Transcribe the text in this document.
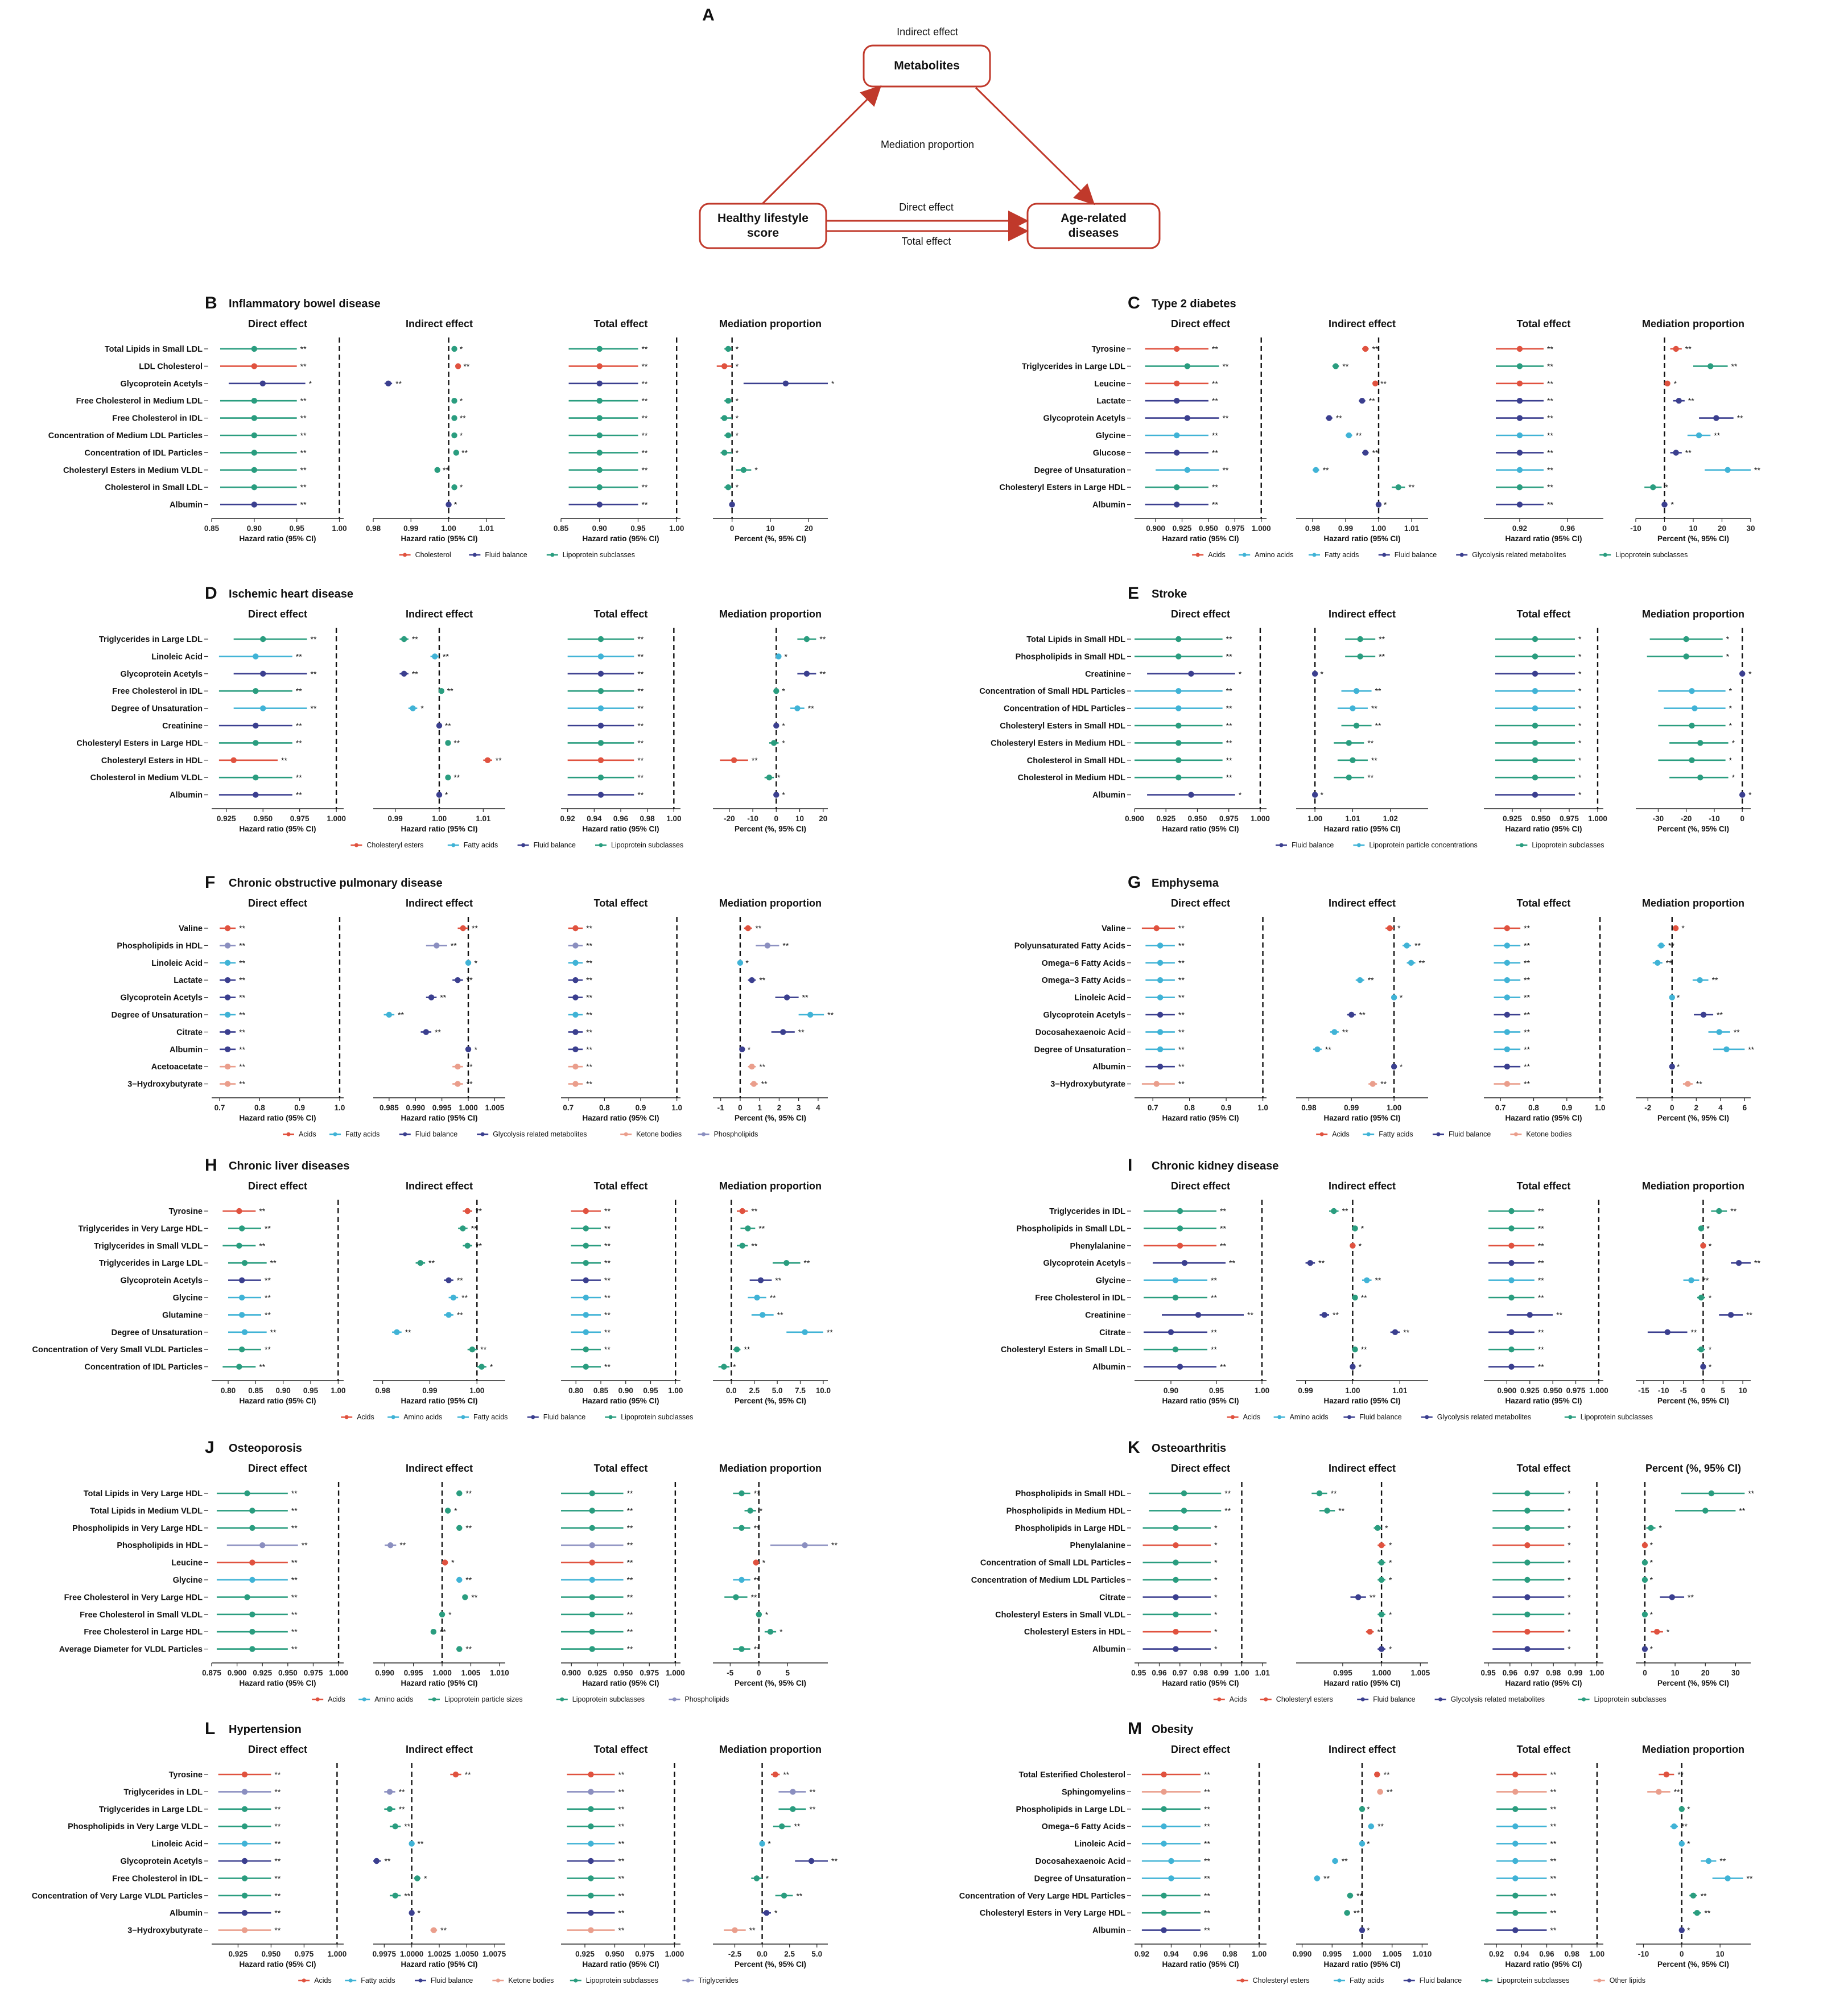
A
Indirect effect
Metabolites
Mediation proportion
Healthy lifestyle
score
Age-related
diseases
Direct effect
Total effect
B Inflammatory bowel disease
Total Lipids in Small LDL
LDL Cholesterol
Glycoprotein Acetyls
Free Cholesterol in Medium LDL
Free Cholesterol in IDL
Concentration of Medium LDL Particles
Concentration of IDL Particles
Cholesteryl Esters in Medium VLDL
Cholesterol in Small LDL
Albumin
Direct effect
0.85	0.90	0.95	1.00
Hazard ratio (95% CI)
**
**
*
**
**
**
**
**
**
**
Indirect effect
0.98	0.99	1.00	1.01
Hazard ratio (95% CI)
*
**
**
*
**
*
**
**
*
*
Total effect
0.85	0.90	0.95	1.00
Hazard ratio (95% CI)
**
**
**
**
**
**
**
**
**
**
Mediation proportion
0	10	20
Percent (%, 95% CI)
*
*
*
*
*
*
*
*
*
Cholesterol	Fluid balance	Lipoprotein subclasses
C Type 2 diabetes
Tyrosine
Triglycerides in Large LDL
Leucine
Lactate
Glycoprotein Acetyls
Glycine
Glucose
Degree of Unsaturation
Cholesteryl Esters in Large HDL
Albumin
Direct effect
0.900 0.925 0.950 0.975 1.000
Hazard ratio (95% CI)
**
**
**
**
**
**
**
**
**
**
Indirect effect
0.98 0.99 1.00 1.01
Hazard ratio (95% CI)
**
**
**
**
**
**
**
**
**
*
Total effect
0.92	0.96
Hazard ratio (95% CI)
**
**
**
**
**
**
**
**
**
**
Mediation proportion
-10	0	10	20	30
Percent (%, 95% CI)
**
**
*
**
**
**
**
**
*
*
Acids	Amino acids	Fatty acids	Fluid balance	Glycolysis related metabolites	Lipoprotein subclasses
D Ischemic heart disease
Triglycerides in Large LDL
Linoleic Acid
Glycoprotein Acetyls
Free Cholesterol in IDL
Degree of Unsaturation
Creatinine
Cholesteryl Esters in Large HDL
Cholesteryl Esters in HDL
Cholesterol in Medium VLDL
Albumin
Direct effect
0.925 0.950 0.975 1.000
Hazard ratio (95% CI)
**
**
**
**
**
**
**
**
**
**
Indirect effect
0.99	1.00	1.01
Hazard ratio (95% CI)
**
**
**
**
*
**
**
**
**
*
Total effect
0.92 0.94 0.96 0.98 1.00
Hazard ratio (95% CI)
**
**
**
**
**
**
**
**
**
**
Mediation proportion
-20 -10 0 10 20
Percent (%, 95% CI)
**
*
**
*
**
*
*
**
*
*
Cholesteryl esters	Fatty acids	Fluid balance	Lipoprotein subclasses
E Stroke
Total Lipids in Small HDL
Phospholipids in Small HDL
Creatinine
Concentration of Small HDL Particles
Concentration of HDL Particles
Cholesteryl Esters in Small HDL
Cholesteryl Esters in Medium HDL
Cholesterol in Small HDL
Cholesterol in Medium HDL
Albumin
Direct effect
0.900 0.925 0.950 0.975 1.000
Hazard ratio (95% CI)
**
**
*
**
**
**
**
**
**
*
Indirect effect
1.00	1.01	1.02
Hazard ratio (95% CI)
**
**
*
**
**
**
**
**
**
*
Total effect
0.925 0.950 0.975 1.000
Hazard ratio (95% CI)
*
*
*
*
*
*
*
*
*
*
Mediation proportion
-30 -20 -10	0
Percent (%, 95% CI)
*
*
*
*
*
*
*
*
*
*
Fluid balance	Lipoprotein particle concentrations	Lipoprotein subclasses
F Chronic obstructive pulmonary disease
Valine
Phospholipids in HDL
Linoleic Acid
Lactate
Glycoprotein Acetyls
Degree of Unsaturation
Citrate
Albumin
Acetoacetate
3−Hydroxybutyrate
Direct effect
0.7	0.8	0.9	1.0
Hazard ratio (95% CI)
**
**
**
**
**
**
**
**
**
**
Indirect effect
0.985 0.990 0.995 1.000 1.005
Hazard ratio (95% CI)
**
**
*
**
**
**
**
*
**
**
Total effect
0.7	0.8	0.9	1.0
Hazard ratio (95% CI)
**
**
**
**
**
**
**
**
**
**
Mediation proportion
-1 0 1 2 3 4
Percent (%, 95% CI)
**
**
*
**
**
**
**
*
**
**
Acids	Fatty acids	Fluid balance	Glycolysis related metabolites	Ketone bodies	Phospholipids
G Emphysema
Valine
Polyunsaturated Fatty Acids
Omega−6 Fatty Acids
Omega−3 Fatty Acids
Linoleic Acid
Glycoprotein Acetyls
Docosahexaenoic Acid
Degree of Unsaturation
Albumin
3−Hydroxybutyrate
Direct effect
0.7	0.8	0.9	1.0
Hazard ratio (95% CI)
**
**
**
**
**
**
**
**
**
**
Indirect effect
0.98	0.99	1.00
Hazard ratio (95% CI)
*
**
**
**
*
**
**
**
*
**
Total effect
0.7	0.8	0.9	1.0
Hazard ratio (95% CI)
**
**
**
**
**
**
**
**
**
**
Mediation proportion
-2 0	2	4	6
Percent (%, 95% CI)
*
**
**
**
*
**
**
**
*
**
Acids	Fatty acids	Fluid balance	Ketone bodies
H Chronic liver diseases
Tyrosine
Triglycerides in Very Large HDL
Triglycerides in Small VLDL
Triglycerides in Large LDL
Glycoprotein Acetyls
Glycine
Glutamine
Degree of Unsaturation
Concentration of Very Small VLDL Particles
Concentration of IDL Particles
Direct effect
0.80 0.85 0.90 0.95 1.00
Hazard ratio (95% CI)
**
**
**
**
**
**
**
**
**
**
Indirect effect
0.98	0.99	1.00
Hazard ratio (95% CI)
**
**
**
**
**
**
**
**
**
*
Total effect
0.80 0.85 0.90 0.95 1.00
Hazard ratio (95% CI)
**
**
**
**
**
**
**
**
**
**
Mediation proportion
0.0 2.5 5.0 7.5 10.0
Percent (%, 95% CI)
**
**
**
**
**
**
**
**
**
*
Acids	Amino acids	Fatty acids	Fluid balance	Lipoprotein subclasses
I Chronic kidney disease
Triglycerides in IDL
Phospholipids in Small LDL
Phenylalanine
Glycoprotein Acetyls
Glycine
Free Cholesterol in IDL
Creatinine
Citrate
Cholesteryl Esters in Small LDL
Albumin
Direct effect
0.90	0.95	1.00
Hazard ratio (95% CI)
**
**
**
**
**
**
**
**
**
**
Indirect effect
0.99	1.00	1.01
Hazard ratio (95% CI)
**
*
*
**
**
**
**
**
**
*
Total effect
0.900 0.925 0.950 0.975 1.000
Hazard ratio (95% CI)
**
**
**
**
**
**
**
**
**
**
Mediation proportion
-15 -10 -5 0 5 10
Percent (%, 95% CI)
**
*
*
**
**
*
**
**
*
*
Acids	Amino acids	Fluid balance	Glycolysis related metabolites	Lipoprotein subclasses
J Osteoporosis
Total Lipids in Very Large HDL
Total Lipids in Medium VLDL
Phospholipids in Very Large HDL
Phospholipids in HDL
Leucine
Glycine
Free Cholesterol in Very Large HDL
Free Cholesterol in Small VLDL
Free Cholesterol in Large HDL
Average Diameter for VLDL Particles
Direct effect
0.875 0.900 0.925 0.950 0.975 1.000
Hazard ratio (95% CI)
**
**
**
**
**
**
**
**
**
**
Indirect effect
0.990 0.995 1.000 1.005 1.010
Hazard ratio (95% CI)
**
*
**
**
*
**
**
*
**
**
Total effect
0.900 0.925 0.950 0.975 1.000
Hazard ratio (95% CI)
**
**
**
**
**
**
**
**
**
**
Mediation proportion
-5	0	5
Percent (%, 95% CI)
**
*
**
**
*
**
**
*
*
**
Acids	Amino acids	Lipoprotein particle sizes	Lipoprotein subclasses	Phospholipids
K Osteoarthritis
Phospholipids in Small HDL
Phospholipids in Medium HDL
Phospholipids in Large HDL
Phenylalanine
Concentration of Small LDL Particles
Concentration of Medium LDL Particles
Citrate
Cholesteryl Esters in Small VLDL
Cholesteryl Esters in HDL
Albumin
Direct effect
0.95 0.96 0.97 0.98 0.99 1.00 1.01
Hazard ratio (95% CI)
**
**
*
*
*
*
*
*
*
*
Indirect effect
0.995	1.000	1.005
Hazard ratio (95% CI)
**
**
*
*
*
*
**
*
**
*
Total effect
0.95 0.96 0.97 0.98 0.99 1.00
Hazard ratio (95% CI)
*
*
*
*
*
*
*
*
*
*
Percent (%, 95% CI)
0	10	20	30
Percent (%, 95% CI)
**
**
*
*
*
*
**
*
*
*
Acids	Cholesteryl esters	Fluid balance	Glycolysis related metabolites	Lipoprotein subclasses
L Hypertension
Tyrosine
Triglycerides in LDL
Triglycerides in Large LDL
Phospholipids in Very Large VLDL
Linoleic Acid
Glycoprotein Acetyls
Free Cholesterol in IDL
Concentration of Very Large VLDL Particles
Albumin
3−Hydroxybutyrate
Direct effect
0.925 0.950 0.975 1.000
Hazard ratio (95% CI)
**
**
**
**
**
**
**
**
**
**
Indirect effect
0.9975 1.0000 1.0025 1.0050 1.0075
Hazard ratio (95% CI)
**
**
**
**
**
**
*
**
*
**
Total effect
0.925 0.950 0.975 1.000
Hazard ratio (95% CI)
**
**
**
**
**
**
**
**
**
**
Mediation proportion
-2.5 0.0 2.5 5.0
Percent (%, 95% CI)
**
**
**
**
*
**
*
**
*
**
Acids	Fatty acids	Fluid balance	Ketone bodies	Lipoprotein subclasses	Triglycerides
M Obesity
Total Esterified Cholesterol
Sphingomyelins
Phospholipids in Large LDL
Omega−6 Fatty Acids
Linoleic Acid
Docosahexaenoic Acid
Degree of Unsaturation
Concentration of Very Large HDL Particles
Cholesteryl Esters in Very Large HDL
Albumin
Direct effect
0.92 0.94 0.96 0.98 1.00
Hazard ratio (95% CI)
**
**
**
**
**
**
**
**
**
**
Indirect effect
0.990 0.995 1.000 1.005 1.010
Hazard ratio (95% CI)
**
**
*
**
*
**
**
**
**
*
Total effect
0.92 0.94 0.96 0.98 1.00
Hazard ratio (95% CI)
**
**
**
**
**
**
**
**
**
**
Mediation proportion
-10	0	10
Percent (%, 95% CI)
**
**
*
**
*
**
**
**
**
*
Cholesteryl esters	Fatty acids	Fluid balance	Lipoprotein subclasses	Other lipids
